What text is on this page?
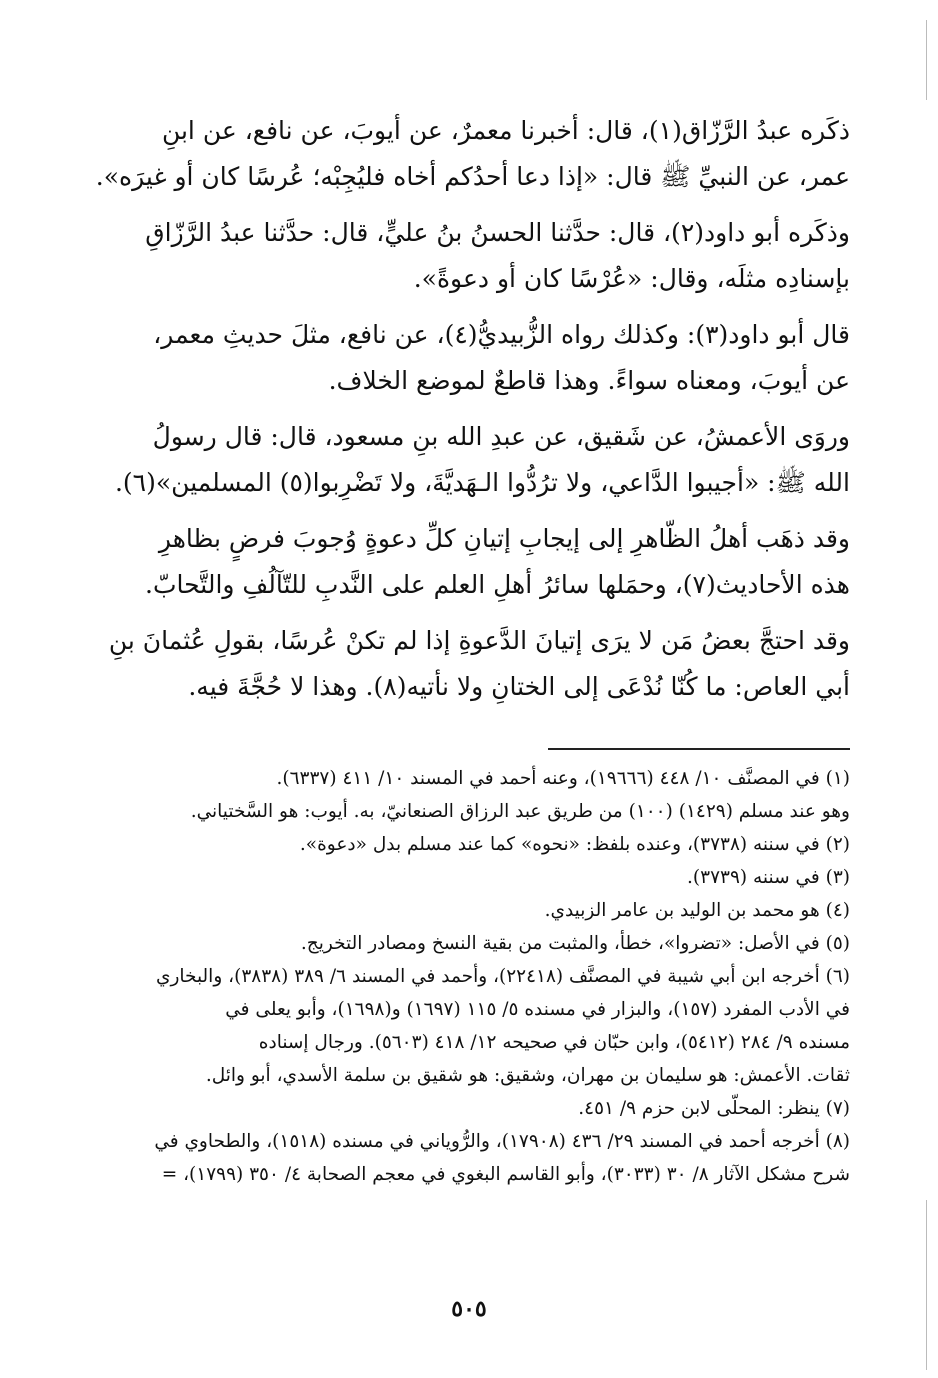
ذكَره عبدُ الرَّزّاق(١)، قال: أخبرنا معمرٌ، عن أيوبَ، عن نافع، عن ابنِ

عمر، عن النبيِّ ﷺ قال: «إذا دعا أحدُكم أخاه فليُجِبْه؛ عُرسًا كان أو غيرَه».

وذكَره أبو داود(٢)، قال: حدَّثنا الحسنُ بنُ عليٍّ، قال: حدَّثنا عبدُ الرَّزّاقِ

بإسنادِه مثلَه، وقال: «عُرْسًا كان أو دعوةً».

قال أبو داود(٣): وكذلك رواه الزُّبيديُّ(٤)، عن نافع، مثلَ حديثِ معمر،

عن أيوبَ، ومعناه سواءً. وهذا قاطعٌ لموضع الخلاف.

وروَى الأعمشُ، عن شَقيق، عن عبدِ الله بنِ مسعود، قال: قال رسولُ

الله ﷺ: «أجيبوا الدَّاعي، ولا ترُدُّوا الـهَديَّةَ، ولا تَضْرِبوا(٥) المسلمين»(٦).

وقد ذهَب أهلُ الظّاهرِ إلى إيجابِ إتيانِ كلِّ دعوةٍ وُجوبَ فرضٍ بظاهرِ

هذه الأحاديث(٧)، وحمَلها سائرُ أهلِ العلم على النَّدبِ للتّآلُفِ والتَّحابّ.

وقد احتجَّ بعضُ مَن لا يرَى إتيانَ الدَّعوةِ إذا لم تكنْ عُرسًا، بقولِ عُثمانَ بنِ

أبي العاص: ما كُنّا نُدْعَى إلى الختانِ ولا نأتيه(٨). وهذا لا حُجَّةَ فيه.

(١) في المصنَّف ١٠/ ٤٤٨ (١٩٦٦٦)، وعنه أحمد في المسند ١٠/ ٤١١ (٦٣٣٧).
وهو عند مسلم (١٤٢٩) (١٠٠) من طريق عبد الرزاق الصنعانيّ، به. أيوب: هو السَّختياني.

(٢) في سننه (٣٧٣٨)، وعنده بلفظ: «نحوه» كما عند مسلم بدل «دعوة».

(٣) في سننه (٣٧٣٩).

(٤) هو محمد بن الوليد بن عامر الزبيدي.

(٥) في الأصل: «تضروا»، خطأ، والمثبت من بقية النسخ ومصادر التخريج.

(٦) أخرجه ابن أبي شيبة في المصنَّف (٢٢٤١٨)، وأحمد في المسند ٦/ ٣٨٩ (٣٨٣٨)، والبخاري
في الأدب المفرد (١٥٧)، والبزار في مسنده ٥/ ١١٥ (١٦٩٧) و(١٦٩٨)، وأبو يعلى في
مسنده ٩/ ٢٨٤ (٥٤١٢)، وابن حبّان في صحيحه ١٢/ ٤١٨ (٥٦٠٣). ورجال إسناده
ثقات. الأعمش: هو سليمان بن مهران، وشقيق: هو شقيق بن سلمة الأسدي، أبو وائل.

(٧) ينظر: المحلّى لابن حزم ٩/ ٤٥١.

(٨) أخرجه أحمد في المسند ٢٩/ ٤٣٦ (١٧٩٠٨)، والرُّوياني في مسنده (١٥١٨)، والطحاوي في
شرح مشكل الآثار ٨/ ٣٠ (٣٠٣٣)، وأبو القاسم البغوي في معجم الصحابة ٤/ ٣٥٠ (١٧٩٩)، =

٥٠٥
